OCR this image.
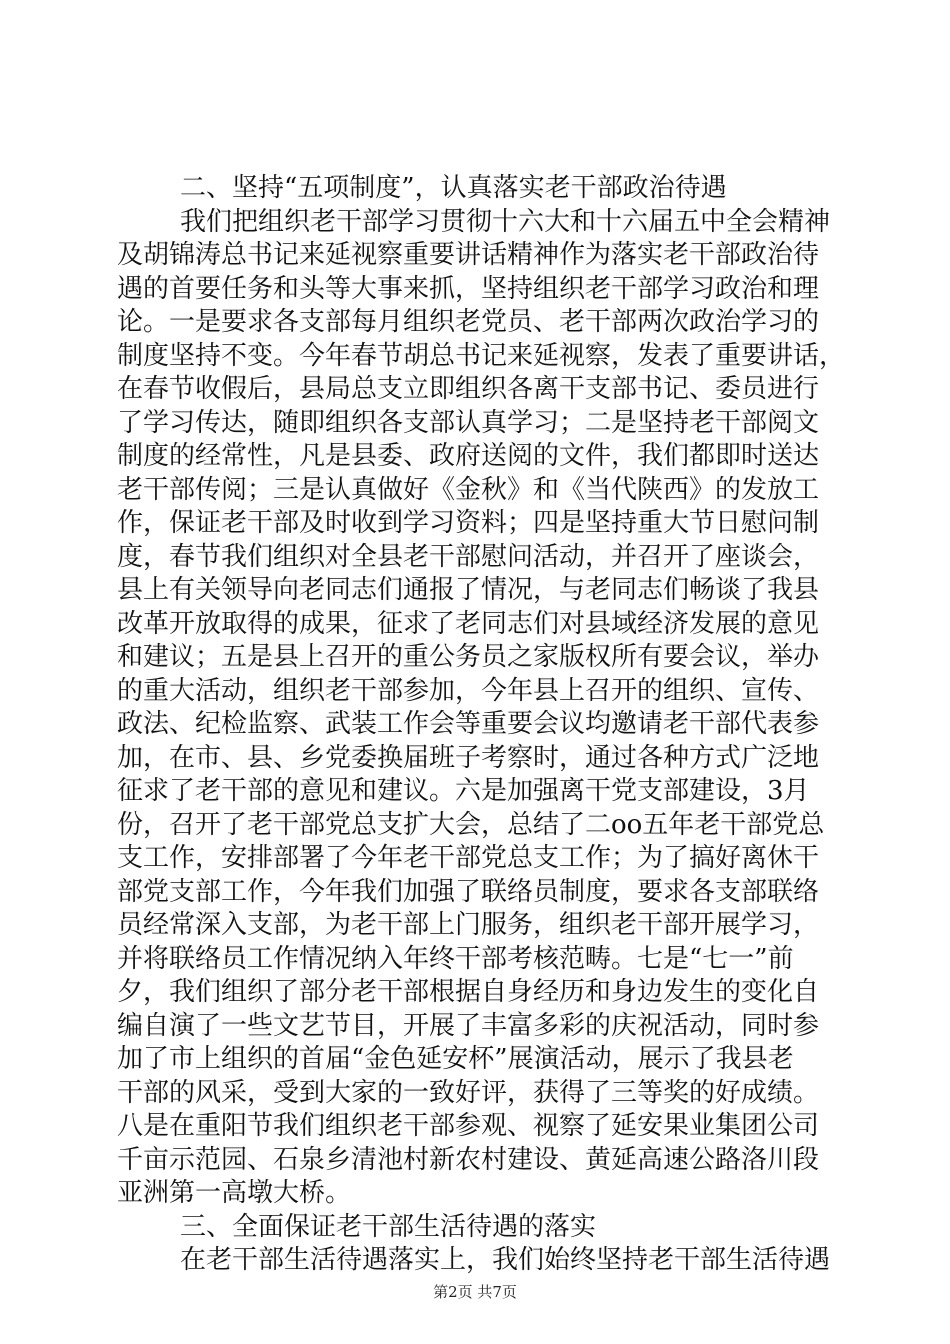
二、坚持“五项制度”，认真落实老干部政治待遇
我们把组织老干部学习贯彻十六大和十六届五中全会精神
及胡锦涛总书记来延视察重要讲话精神作为落实老干部政治待
遇的首要任务和头等大事来抓，坚持组织老干部学习政治和理
论。一是要求各支部每月组织老党员、老干部两次政治学习的
制度坚持不变。今年春节胡总书记来延视察，发表了重要讲话，
在春节收假后，县局总支立即组织各离干支部书记、委员进行
了学习传达，随即组织各支部认真学习；二是坚持老干部阅文
制度的经常性，凡是县委、政府送阅的文件，我们都即时送达
老干部传阅；三是认真做好《金秋》和《当代陕西》的发放工
作，保证老干部及时收到学习资料；四是坚持重大节日慰问制
度，春节我们组织对全县老干部慰问活动，并召开了座谈会，
县上有关领导向老同志们通报了情况，与老同志们畅谈了我县
改革开放取得的成果，征求了老同志们对县域经济发展的意见
和建议；五是县上召开的重公务员之家版权所有要会议，举办
的重大活动，组织老干部参加，今年县上召开的组织、宣传、
政法、纪检监察、武装工作会等重要会议均邀请老干部代表参
加，在市、县、乡党委换届班子考察时，通过各种方式广泛地
征求了老干部的意见和建议。六是加强离干党支部建设，3月
份，召开了老干部党总支扩大会，总结了二oo五年老干部党总
支工作，安排部署了今年老干部党总支工作；为了搞好离休干
部党支部工作，今年我们加强了联络员制度，要求各支部联络
员经常深入支部，为老干部上门服务，组织老干部开展学习，
并将联络员工作情况纳入年终干部考核范畴。七是“七一”前
夕，我们组织了部分老干部根据自身经历和身边发生的变化自
编自演了一些文艺节目，开展了丰富多彩的庆祝活动，同时参
加了市上组织的首届“金色延安杯”展演活动，展示了我县老
干部的风采，受到大家的一致好评，获得了三等奖的好成绩。
八是在重阳节我们组织老干部参观、视察了延安果业集团公司
千亩示范园、石泉乡清池村新农村建设、黄延高速公路洛川段
亚洲第一高墩大桥。
三、全面保证老干部生活待遇的落实
在老干部生活待遇落实上，我们始终坚持老干部生活待遇
第2页 共7页
